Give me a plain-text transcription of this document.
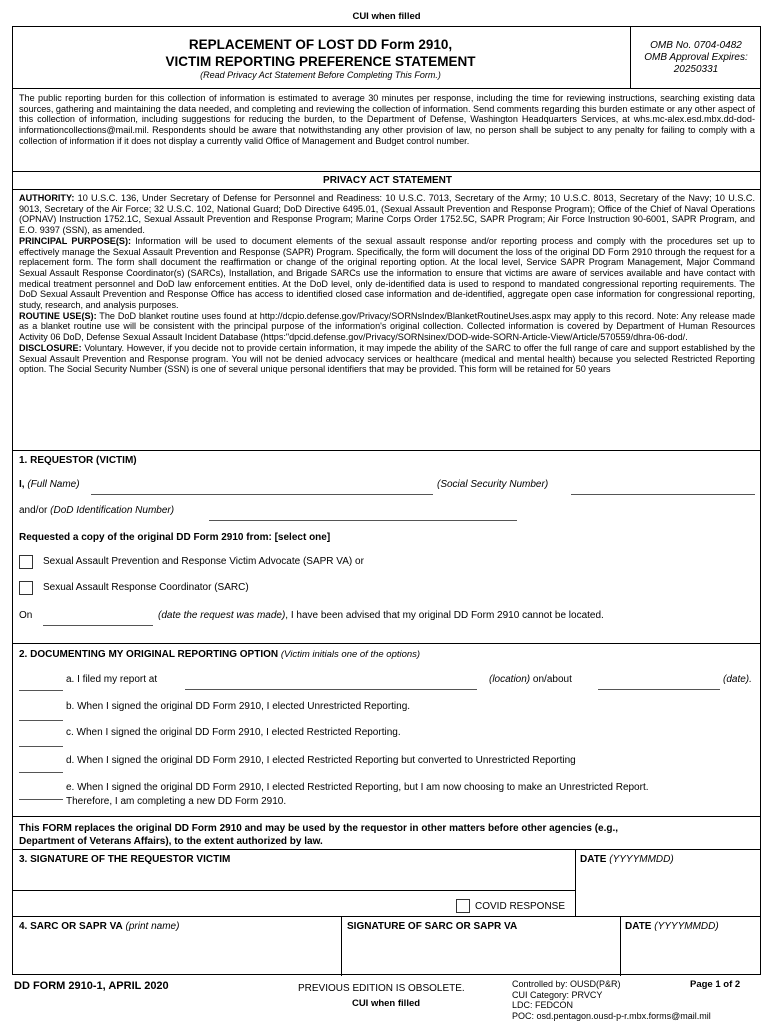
CUI when filled
REPLACEMENT OF LOST DD Form 2910,
VICTIM REPORTING PREFERENCE STATEMENT
(Read Privacy Act Statement Before Completing This Form.)
OMB No. 0704-0482
OMB Approval Expires:
20250331
The public reporting burden for this collection of information is estimated to average 30 minutes per response, including the time for reviewing instructions, searching existing data sources, gathering and maintaining the data needed, and completing and reviewing the collection of information. Send comments regarding this burden estimate or any other aspect of this collection of information, including suggestions for reducing the burden, to the Department of Defense, Washington Headquarters Services, at whs.mc-alex.esd.mbx.dd-dod-informationcollections@mail.mil. Respondents should be aware that notwithstanding any other provision of law, no person shall be subject to any penalty for failing to comply with a collection of information if it does not display a currently valid Office of Management and Budget control number.
PRIVACY ACT STATEMENT

AUTHORITY: 10 U.S.C. 136, Under Secretary of Defense for Personnel and Readiness: 10 U.S.C. 7013, Secretary of the Army; 10 U.S.C. 8013, Secretary of the Navy; 10 U.S.C. 9013, Secretary of the Air Force; 32 U.S.C. 102, National Guard; DoD Directive 6495.01, (Sexual Assault Prevention and Response Program); Office of the Chief of Naval Operations (OPNAV) Instruction 1752.1C, Sexual Assault Prevention and Response Program; Marine Corps Order 1752.5C, SAPR Program; Air Force Instruction 90-6001, SAPR Program, and E.O. 9397 (SSN), as amended.

PRINCIPAL PURPOSE(S): Information will be used to document elements of the sexual assault response and/or reporting process and comply with the procedures set up to effectively manage the Sexual Assault Prevention and Response (SAPR) Program. Specifically, the form will document the loss of the original DD Form 2910 through the request for a replacement form. The form shall document the reaffirmation or change of the original reporting option. At the local level, Service SAPR Program Management, Major Command Sexual Assault Response Coordinator(s) (SARCs), Installation, and Brigade SARCs use the information to ensure that victims are aware of services available and have contact with medical treatment personnel and DoD law enforcement entities. At the DoD level, only de-identified data is used to respond to mandated congressional reporting requirements. The DoD Sexual Assault Prevention and Response Office has access to identified closed case information and de-identified, aggregate open case information for congressional reporting, study, research, and analysis purposes.

ROUTINE USE(S): The DoD blanket routine uses found at http://dcpio.defense.gov/Privacy/SORNsIndex/BlanketRoutineUses.aspx may apply to this record. Note: Any release made as a blanket routine use will be consistent with the principal purpose of the information's original collection. Collected information is covered by Department of Human Resources Activity 06 DoD, Defense Sexual Assault Incident Database (https:"dpcid.defense.gov/Privacy/SORNsinex/DOD-wide-SORN-Article-View/Article/570559/dhra-06-dod/.

DISCLOSURE: Voluntary. However, if you decide not to provide certain information, it may impede the ability of the SARC to offer the full range of care and support established by the Sexual Assault Prevention and Response program. You will not be denied advocacy services or healthcare (medical and mental health) because you selected Restricted Reporting option. The Social Security Number (SSN) is one of several unique personal identifiers that may be provided. This form will be retained for 50 years

1. REQUESTOR (VICTIM)
I, (Full Name)	(Social Security Number)
and/or (DoD Identification Number)
Requested a copy of the original DD Form 2910 from: [select one]
Sexual Assault Prevention and Response Victim Advocate (SAPR VA) or
Sexual Assault Response Coordinator (SARC)
On	(date the request was made), I have been advised that my original DD Form 2910 cannot be located.
2. DOCUMENTING MY ORIGINAL REPORTING OPTION (Victim initials one of the options)
a. I filed my report at	(location) on/about	(date).
b. When I signed the original DD Form 2910, I elected Unrestricted Reporting.
c. When I signed the original DD Form 2910, I elected Restricted Reporting.
d. When I signed the original DD Form 2910, I elected Restricted Reporting but converted to Unrestricted Reporting
e. When I signed the original DD Form 2910, I elected Restricted Reporting, but I am now choosing to make an Unrestricted Report.
Therefore, I am completing a new DD Form 2910.
This FORM replaces the original DD Form 2910 and may be used by the requestor in other matters before other agencies (e.g.,
Department of Veterans Affairs), to the extent authorized by law.
3. SIGNATURE OF THE REQUESTOR VICTIM	DATE (YYYYMMDD)
COVID RESPONSE
4. SARC OR SAPR VA (print name)	SIGNATURE OF SARC OR SAPR VA	DATE (YYYYMMDD)
DD FORM 2910-1, APRIL 2020	PREVIOUS EDITION IS OBSOLETE.
CUI when filled
Controlled by: OUSD(P&R)
CUI Category: PRVCY
LDC: FEDCON
POC: osd.pentagon.ousd-p-r.mbx.forms@mail.mil
Page 1 of 2
